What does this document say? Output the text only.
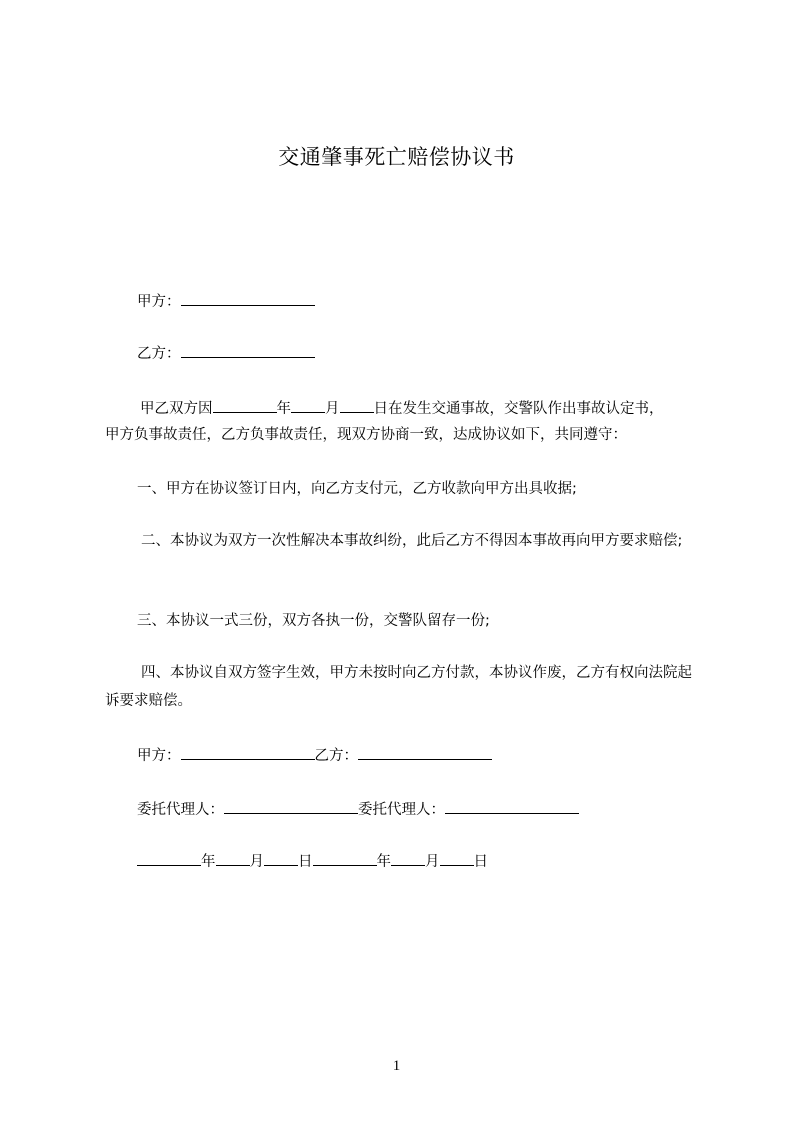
交通肇事死亡赔偿协议书
甲方：
乙方：
甲乙双方因	年 月 日在发生交通事故，交警队作出事故认定书，
甲方负事故责任，乙方负事故责任，现双方协商一致，达成协议如下，共同遵守：
一、甲方在协议签订日内，向乙方支付元，乙方收款向甲方出具收据;
二、本协议为双方一次性解决本事故纠纷，此后乙方不得因本事故再向甲方要求赔偿;
三、本协议一式三份，双方各执一份，交警队留存一份;
四、本协议自双方签字生效，甲方未按时向乙方付款，本协议作废，乙方有权向法院起诉要求赔偿。
甲方：	乙方：
委托代理人：	委托代理人：
年 月 日	年 月 日
1
